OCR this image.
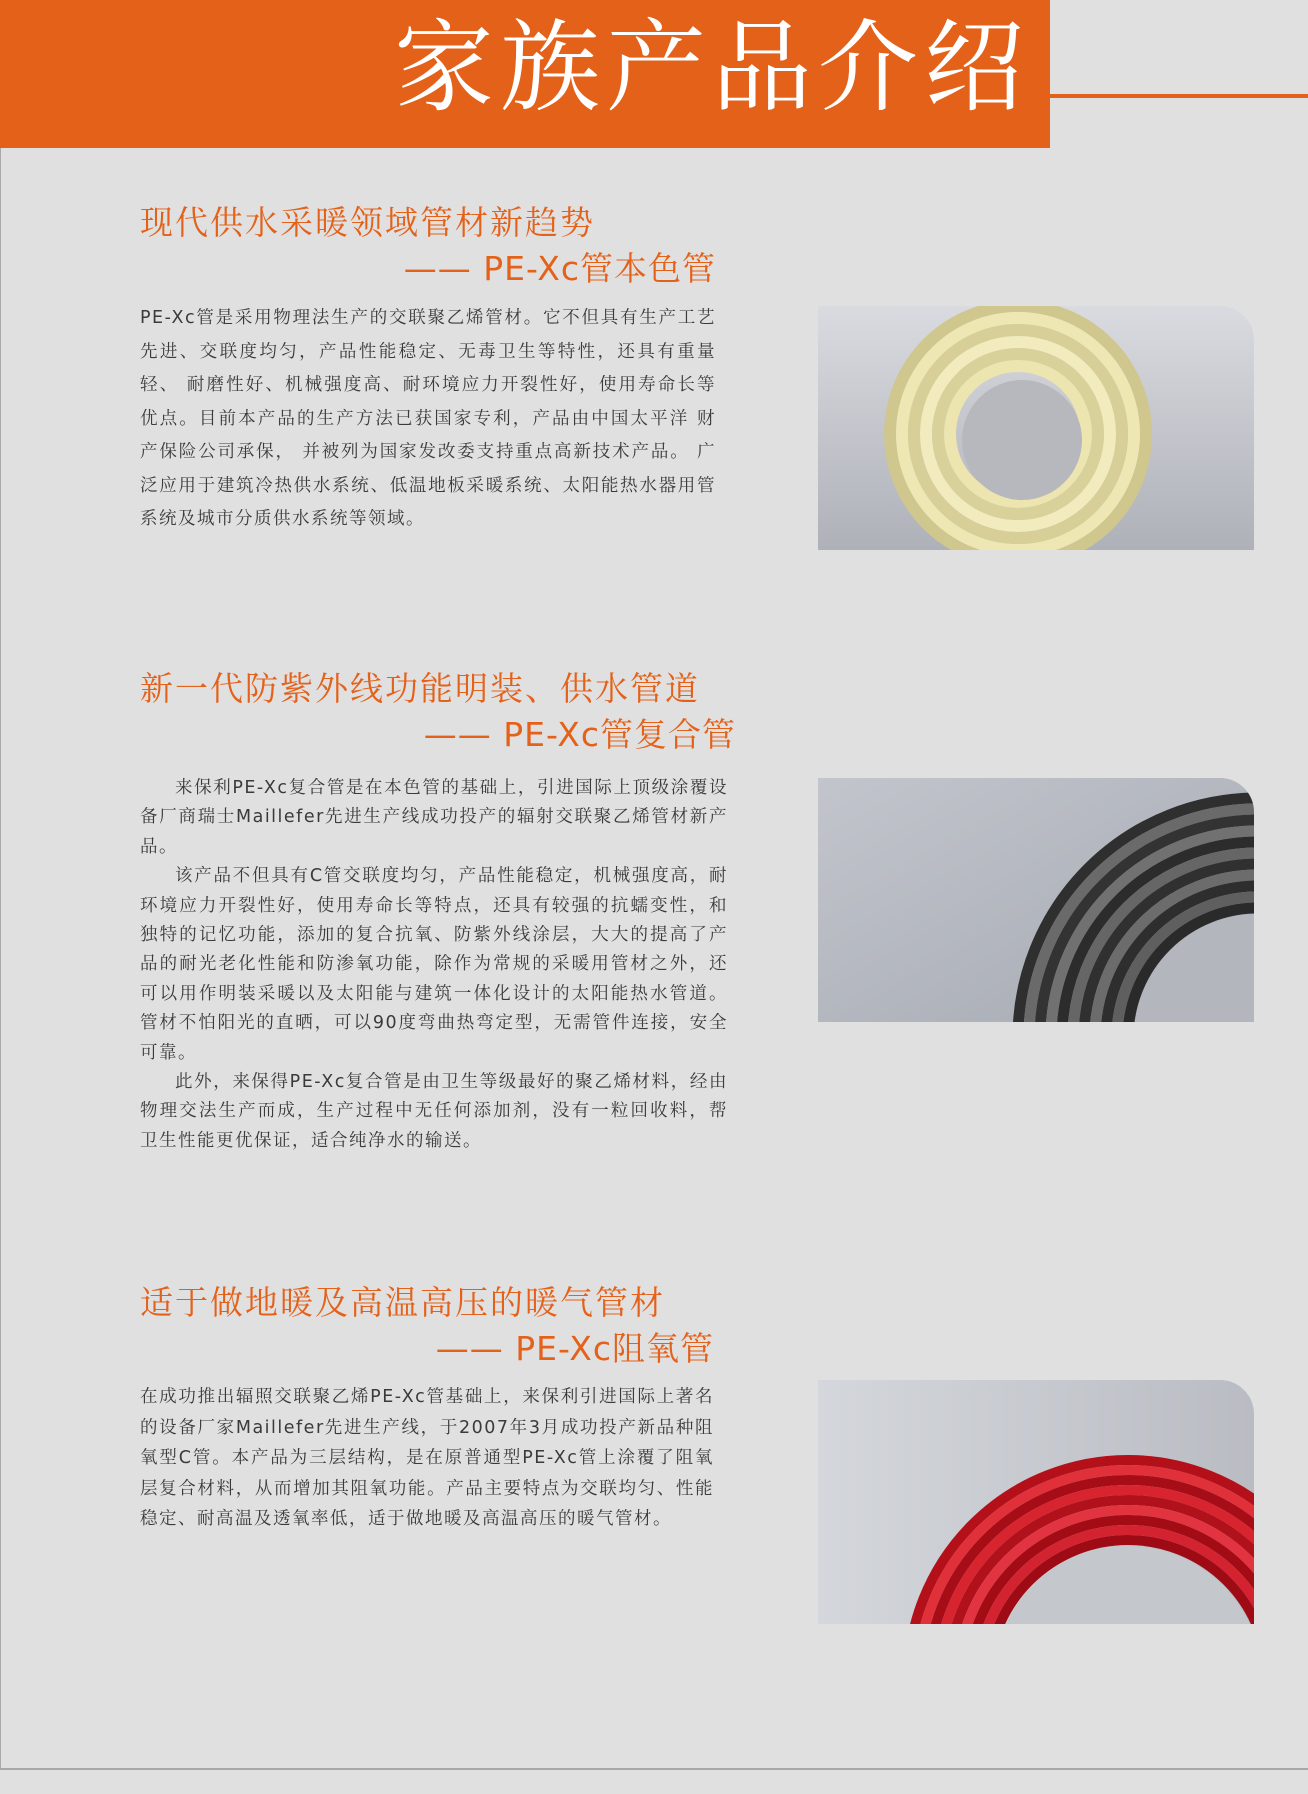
家族产品介绍
现代供水采暖领域管材新趋势
—— PE-Xc管本色管

PE-Xc管是采用物理法生产的交联聚乙烯管材。它不但具有生产工艺先进、交联度均匀，产品性能稳定、无毒卫生等特性，还具有重量轻、 耐磨性好、机械强度高、耐环境应力开裂性好，使用寿命长等优点。目前本产品的生产方法已获国家专利，产品由中国太平洋 财产保险公司承保， 并被列为国家发改委支持重点高新技术产品。 广泛应用于建筑冷热供水系统、低温地板采暖系统、太阳能热水器用管系统及城市分质供水系统等领域。

新一代防紫外线功能明装、供水管道
—— PE-Xc管复合管

来保利PE-Xc复合管是在本色管的基础上，引进国际上顶级涂覆设备厂商瑞士Maillefer先进生产线成功投产的辐射交联聚乙烯管材新产品。

该产品不但具有C管交联度均匀，产品性能稳定，机械强度高，耐环境应力开裂性好，使用寿命长等特点，还具有较强的抗蠕变性，和独特的记忆功能，添加的复合抗氧、防紫外线涂层，大大的提高了产品的耐光老化性能和防渗氧功能，除作为常规的采暖用管材之外，还可以用作明装采暖以及太阳能与建筑一体化设计的太阳能热水管道。管材不怕阳光的直晒，可以90度弯曲热弯定型，无需管件连接，安全可靠。

此外，来保得PE-Xc复合管是由卫生等级最好的聚乙烯材料，经由物理交法生产而成，生产过程中无任何添加剂，没有一粒回收料，帮卫生性能更优保证，适合纯净水的输送。

适于做地暖及高温高压的暖气管材
—— PE-Xc阻氧管

在成功推出辐照交联聚乙烯PE-Xc管基础上，来保利引进国际上著名的设备厂家Maillefer先进生产线，于2007年3月成功投产新品种阻氧型C管。本产品为三层结构，是在原普通型PE-Xc管上涂覆了阻氧层复合材料，从而增加其阻氧功能。产品主要特点为交联均匀、性能稳定、耐高温及透氧率低，适于做地暖及高温高压的暖气管材。
